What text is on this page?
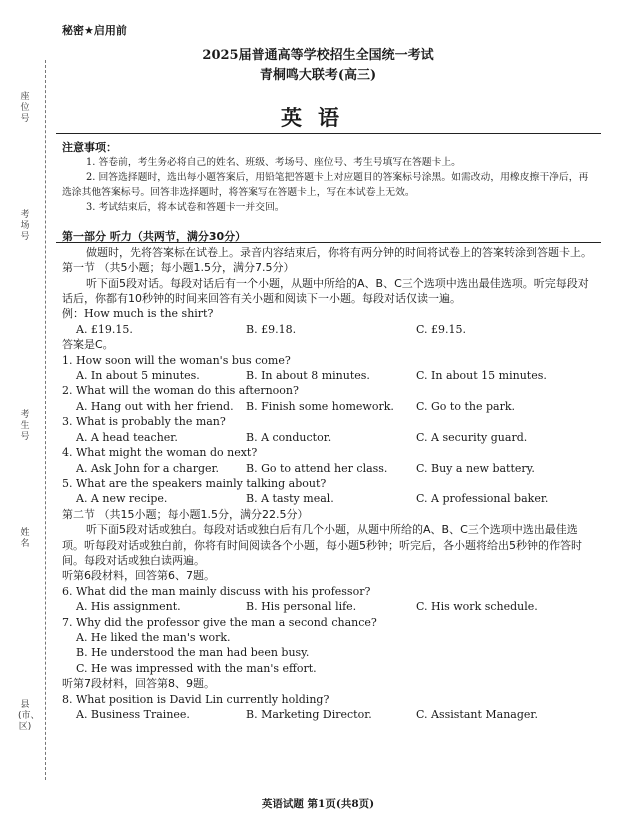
秘密★启用前
2025届普通高等学校招生全国统一考试
青桐鸣大联考(高三)
英语
座位号
考场号
考生号
姓名
县(市、区)

注意事项：

1. 答卷前，考生务必将自己的姓名、班级、考场号、座位号、考生号填写在答题卡上。

2. 回答选择题时，选出每小题答案后，用铅笔把答题卡上对应题目的答案标号涂黑。如需改动，用橡皮擦干净后，再选涂其他答案标号。回答非选择题时，将答案写在答题卡上，写在本试卷上无效。

3. 考试结束后，将本试卷和答题卡一并交回。

第一部分 听力（共两节，满分30分）

做题时，先将答案标在试卷上。录音内容结束后，你将有两分钟的时间将试卷上的答案转涂到答题卡上。

第一节 （共5小题；每小题1.5分，满分7.5分）

听下面5段对话。每段对话后有一个小题，从题中所给的A、B、C三个选项中选出最佳选项。听完每段对话后，你都有10秒钟的时间来回答有关小题和阅读下一小题。每段对话仅读一遍。

例：How much is the shirt?

A. £19.15.	B. £9.18.	C. £9.15.

答案是C。

1. How soon will the woman's bus come?

A. In about 5 minutes.	B. In about 8 minutes.	C. In about 15 minutes.

2. What will the woman do this afternoon?

A. Hang out with her friend.	B. Finish some homework.	C. Go to the park.

3. What is probably the man?

A. A head teacher.	B. A conductor.	C. A security guard.

4. What might the woman do next?

A. Ask John for a charger.	B. Go to attend her class.	C. Buy a new battery.

5. What are the speakers mainly talking about?

A. A new recipe.	B. A tasty meal.	C. A professional baker.

第二节 （共15小题；每小题1.5分，满分22.5分）

听下面5段对话或独白。每段对话或独白后有几个小题，从题中所给的A、B、C三个选项中选出最佳选项。听每段对话或独白前，你将有时间阅读各个小题，每小题5秒钟；听完后，各小题将给出5秒钟的作答时间。每段对话或独白读两遍。

听第6段材料，回答第6、7题。

6. What did the man mainly discuss with his professor?

A. His assignment.	B. His personal life.	C. His work schedule.

7. Why did the professor give the man a second chance?

A. He liked the man's work.

B. He understood the man had been busy.

C. He was impressed with the man's effort.

听第7段材料，回答第8、9题。

8. What position is David Lin currently holding?

A. Business Trainee.	B. Marketing Director.	C. Assistant Manager.
英语试题 第1页(共8页)
